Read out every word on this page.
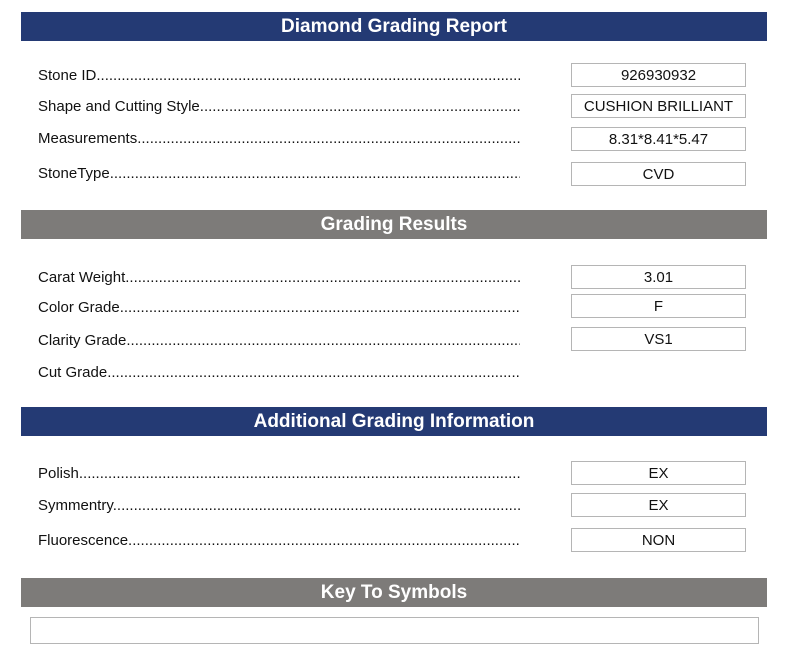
Diamond Grading Report
Stone ID .....	926930932
Shape and Cutting Style .....	CUSHION BRILLIANT
Measurements .....	8.31*8.41*5.47
StoneType .....	CVD
Grading Results
Carat Weight .....	3.01
Color Grade .....	F
Clarity Grade .....	VS1
Cut Grade .....
Additional Grading Information
Polish .....	EX
Symmentry .....	EX
Fluorescence .....	NON
Key To Symbols
